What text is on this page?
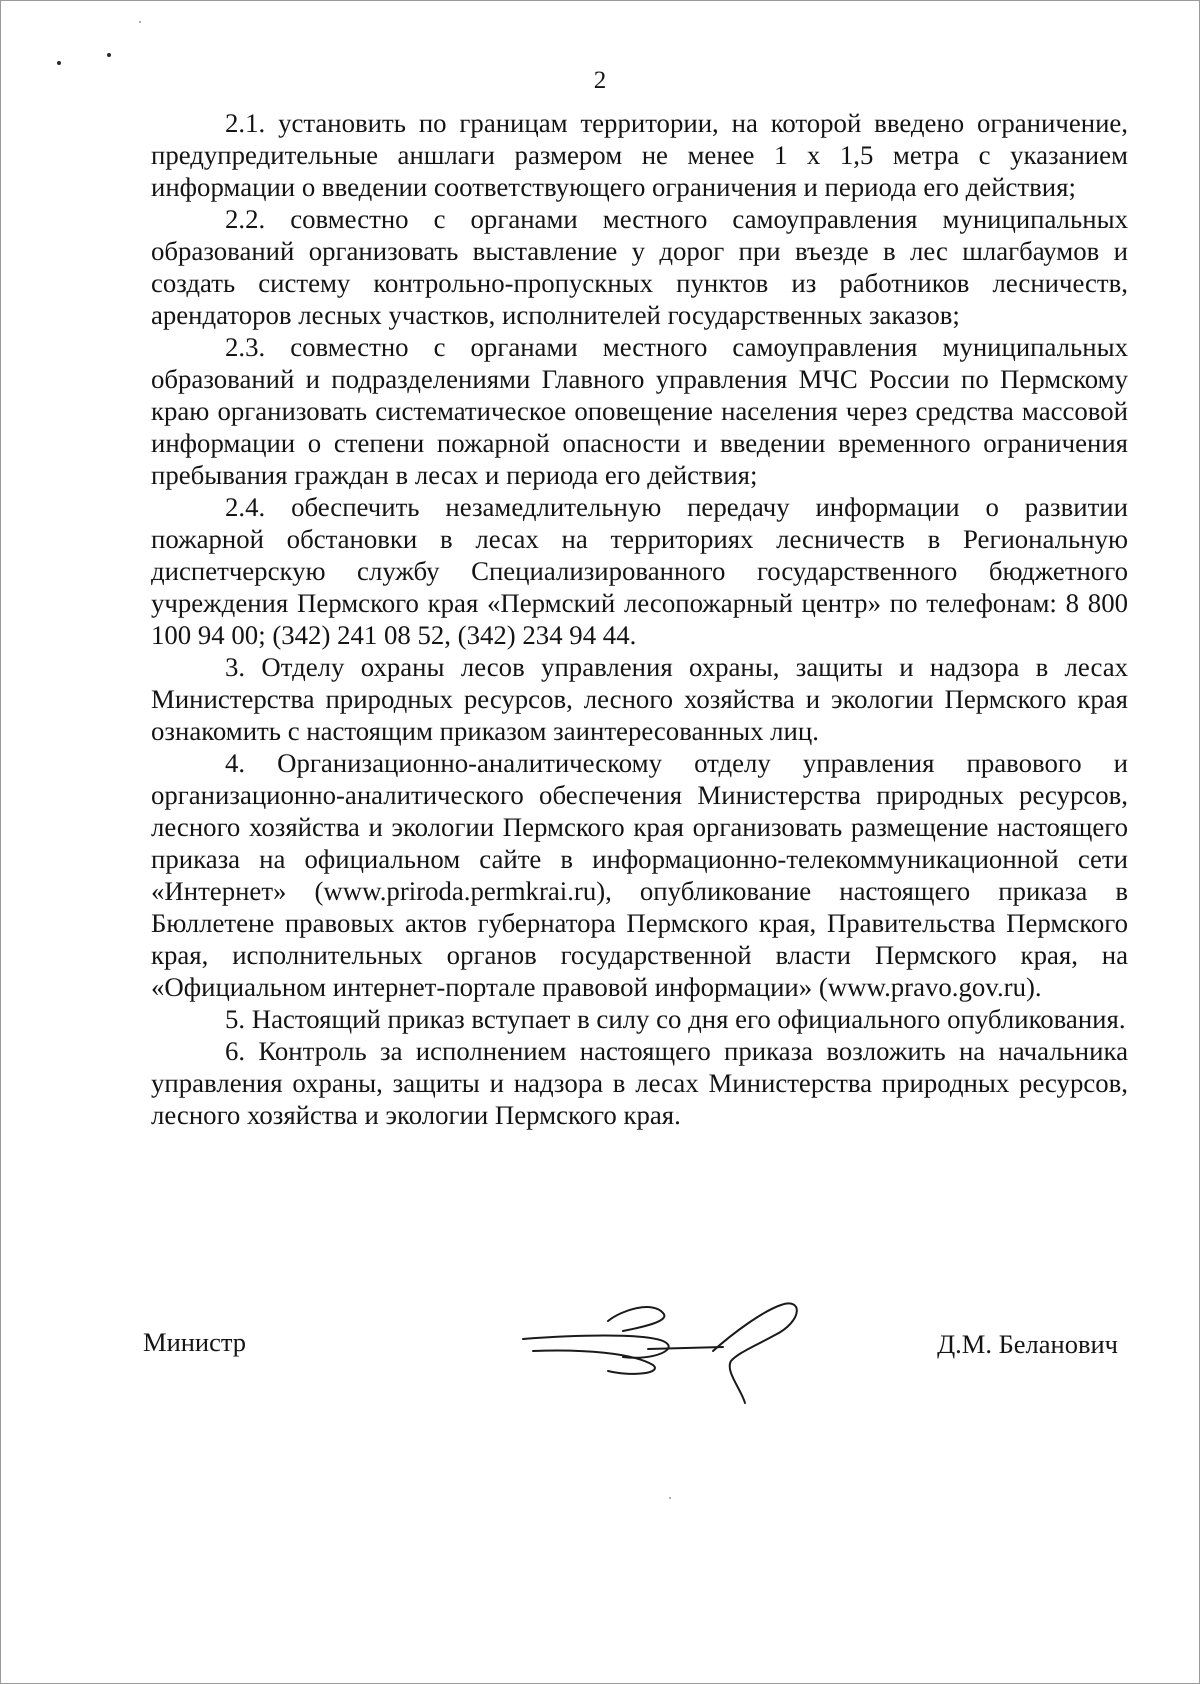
2

2.1. установить по границам территории, на которой введено ограничение, предупредительные аншлаги размером не менее 1 х 1,5 метра с указанием информации о введении соответствующего ограничения и периода его действия;

2.2. совместно с органами местного самоуправления муниципальных образований организовать выставление у дорог при въезде в лес шлагбаумов и создать систему контрольно-пропускных пунктов из работников лесничеств, арендаторов лесных участков, исполнителей государственных заказов;

2.3. совместно с органами местного самоуправления муниципальных образований и подразделениями Главного управления МЧС России по Пермскому краю организовать систематическое оповещение населения через средства массовой информации о степени пожарной опасности и введении временного ограничения пребывания граждан в лесах и периода его действия;

2.4. обеспечить незамедлительную передачу информации о развитии пожарной обстановки в лесах на территориях лесничеств в Региональную диспетчерскую службу Специализированного государственного бюджетного учреждения Пермского края «Пермский лесопожарный центр» по телефонам: 8 800 100 94 00; (342) 241 08 52, (342) 234 94 44.

3. Отделу охраны лесов управления охраны, защиты и надзора в лесах Министерства природных ресурсов, лесного хозяйства и экологии Пермского края ознакомить с настоящим приказом заинтересованных лиц.

4. Организационно-аналитическому отделу управления правового и организационно-аналитического обеспечения Министерства природных ресурсов, лесного хозяйства и экологии Пермского края организовать размещение настоящего приказа на официальном сайте в информационно-телекоммуникационной сети «Интернет» (www.priroda.permkrai.ru), опубликование настоящего приказа в Бюллетене правовых актов губернатора Пермского края, Правительства Пермского края, исполнительных органов государственной власти Пермского края, на «Официальном интернет-портале правовой информации» (www.pravo.gov.ru).

5. Настоящий приказ вступает в силу со дня его официального опубликования.

6. Контроль за исполнением настоящего приказа возложить на начальника управления охраны, защиты и надзора в лесах Министерства природных ресурсов, лесного хозяйства и экологии Пермского края.

Министр	Д.М. Беланович
